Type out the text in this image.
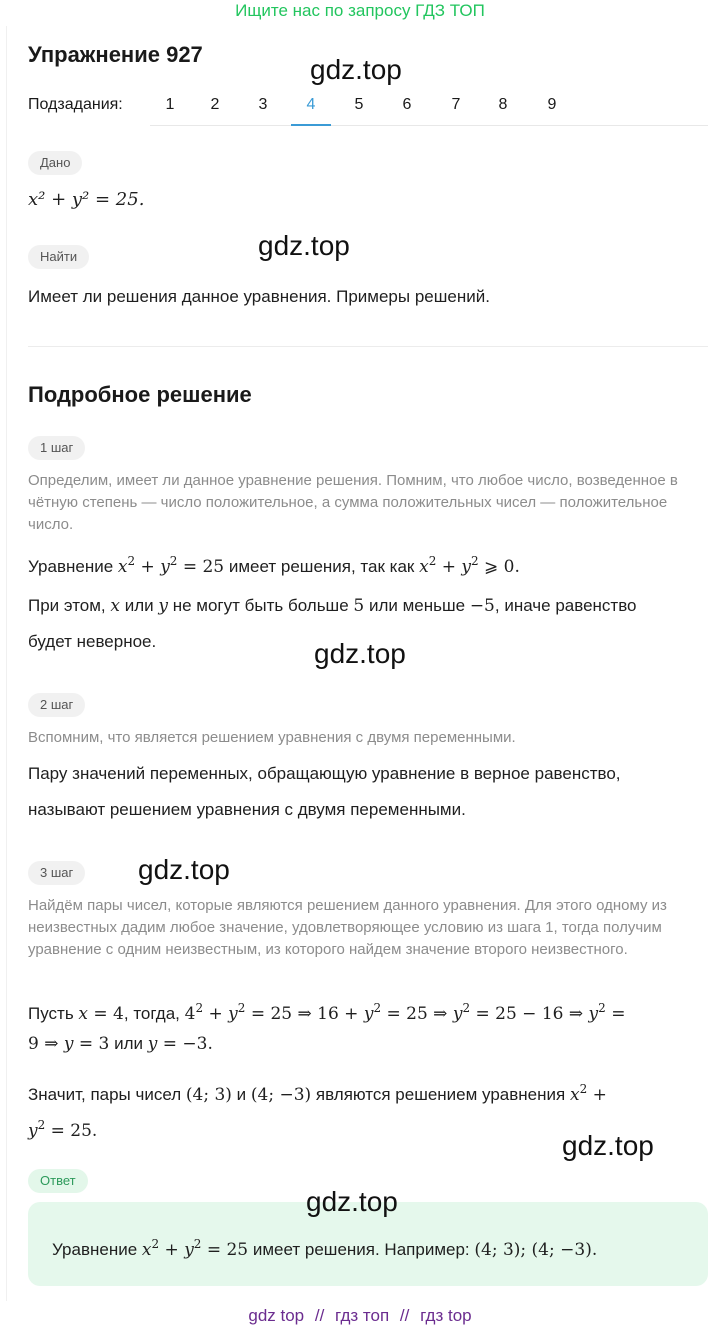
Ищите нас по запросу ГДЗ ТОП
Упражнение 927
Подзадания:	1	2	3	4	5	6	7	8	9
Дано
x² + y² = 25.
Найти
Имеет ли решения данное уравнения. Примеры решений.
Подробное решение
1 шаг
Определим, имеет ли данное уравнение решения. Помним, что любое число, возведенное в чётную степень — число положительное, а сумма положительных чисел — положительное число.
Уравнение $x^2 + y^2 = 25$ имеет решения, так как $x^2 + y^2$ ⩾ 0.
При этом, x или y не могут быть больше 5 или меньше −5, иначе равенство
будет неверное.
2 шаг
Вспомним, что является решением уравнения с двумя переменными.
Пару значений переменных, обращающую уравнение в верное равенство,
называют решением уравнения с двумя переменными.
3 шаг
Найдём пары чисел, которые являются решением данного уравнения. Для этого одному из неизвестных дадим любое значение, удовлетворяющее условию из шага 1, тогда получим уравнение с одним неизвестным, из которого найдем значение второго неизвестного.
Пусть x = 4, тогда, $4^2 + y^2 = 25$ ⇒ $16 + y^2 = 25$ ⇒ $y^2 = 25 - 16$ ⇒ $y^2$ =
9 ⇒ y = 3 или y = −3.
Значит, пары чисел (4; 3) и (4; −3) являются решением уравнения $x^2$ +
$y^2 = 25$.
Ответ
Уравнение $x^2 + y^2 = 25$ имеет решения. Например: (4; 3); (4; −3).
gdz.top
gdz.top
gdz.top
gdz.top
gdz.top
gdz.top
gdz top // гдз топ // гдз top
